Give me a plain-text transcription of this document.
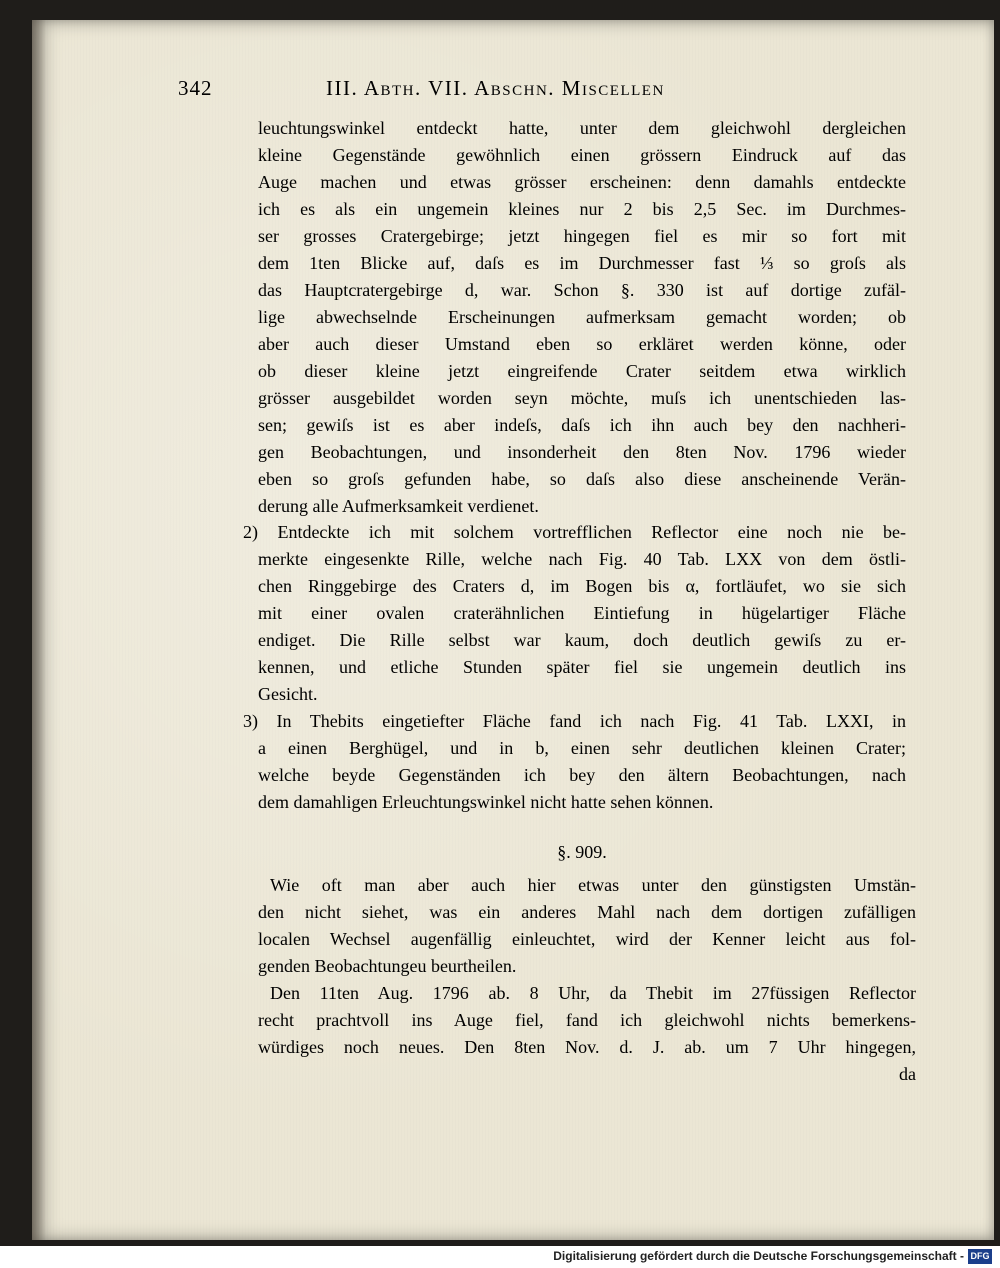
342	III. Abth. VII. Abschn. Miscellen
leuchtungswinkel entdeckt hatte, unter dem gleichwohl dergleichen
kleine Gegenstände gewöhnlich einen grössern Eindruck auf das
Auge machen und etwas grösser erscheinen: denn damahls entdeckte
ich es als ein ungemein kleines nur 2 bis 2,5 Sec. im Durchmes-
ser grosses Cratergebirge; jetzt hingegen fiel es mir so fort mit
dem 1ten Blicke auf, daſs es im Durchmesser fast ⅓ so groſs als
das Hauptcratergebirge d, war. Schon §. 330 ist auf dortige zufäl-
lige abwechselnde Erscheinungen aufmerksam gemacht worden; ob
aber auch dieser Umstand eben so erkläret werden könne, oder
ob dieser kleine jetzt eingreifende Crater seitdem etwa wirklich
grösser ausgebildet worden seyn möchte, muſs ich unentschieden las-
sen; gewiſs ist es aber indeſs, daſs ich ihn auch bey den nachheri-
gen Beobachtungen, und insonderheit den 8ten Nov. 1796 wieder
eben so groſs gefunden habe, so daſs also diese anscheinende Verän-
derung alle Aufmerksamkeit verdienet.
2) Entdeckte ich mit solchem vortrefflichen Reflector eine noch nie be-
merkte eingesenkte Rille, welche nach Fig. 40 Tab. LXX von dem östli-
chen Ringgebirge des Craters d, im Bogen bis α, fortläufet, wo sie sich
mit einer ovalen craterähnlichen Eintiefung in hügelartiger Fläche
endiget. Die Rille selbst war kaum, doch deutlich gewiſs zu er-
kennen, und etliche Stunden später fiel sie ungemein deutlich ins
Gesicht.
3) In Thebits eingetiefter Fläche fand ich nach Fig. 41 Tab. LXXI, in
a einen Berghügel, und in b, einen sehr deutlichen kleinen Crater;
welche beyde Gegenständen ich bey den ältern Beobachtungen, nach
dem damahligen Erleuchtungswinkel nicht hatte sehen können.
§. 909.
Wie oft man aber auch hier etwas unter den günstigsten Umstän-
den nicht siehet, was ein anderes Mahl nach dem dortigen zufälligen
localen Wechsel augenfällig einleuchtet, wird der Kenner leicht aus fol-
genden Beobachtungeu beurtheilen.
Den 11ten Aug. 1796 ab. 8 Uhr, da Thebit im 27füssigen Reflector
recht prachtvoll ins Auge fiel, fand ich gleichwohl nichts bemerkens-
würdiges noch neues. Den 8ten Nov. d. J. ab. um 7 Uhr hingegen,
da
Digitalisierung gefördert durch die Deutsche Forschungsgemeinschaft - DFG
